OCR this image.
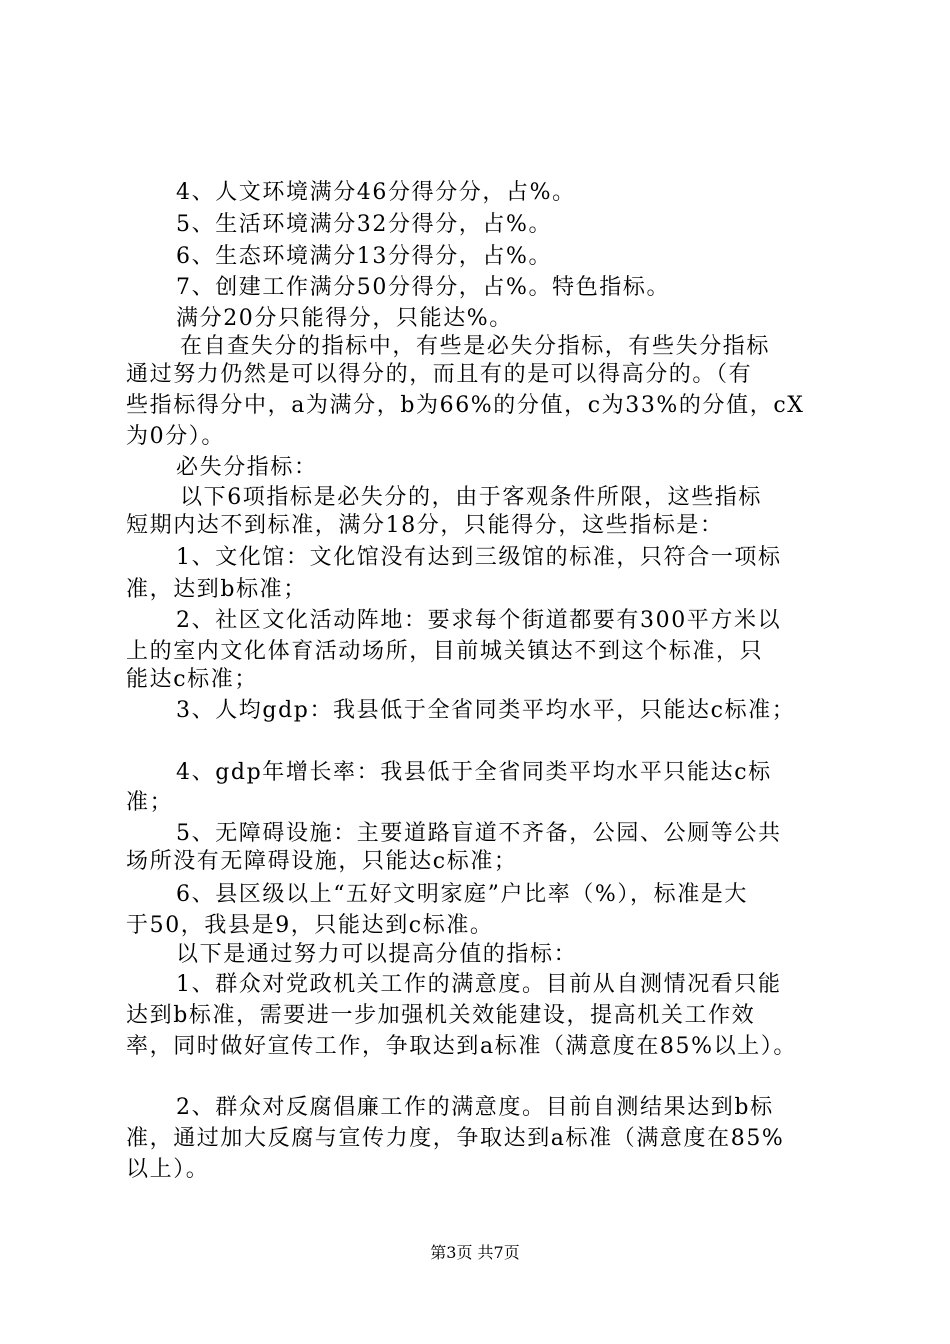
4、人文环境满分46分得分分，占%。
5、生活环境满分32分得分，占%。
6、生态环境满分13分得分，占%。
7、创建工作满分50分得分，占%。特色指标。
满分20分只能得分，只能达%。
在自查失分的指标中，有些是必失分指标，有些失分指标
通过努力仍然是可以得分的，而且有的是可以得高分的。（有
些指标得分中，a为满分，b为66%的分值，c为33%的分值，cX
为0分）。
必失分指标：
以下6项指标是必失分的，由于客观条件所限，这些指标
短期内达不到标准，满分18分，只能得分，这些指标是：
1、文化馆：文化馆没有达到三级馆的标准，只符合一项标
准，达到b标准；
2、社区文化活动阵地：要求每个街道都要有300平方米以
上的室内文化体育活动场所，目前城关镇达不到这个标准，只
能达c标准；
3、人均gdp：我县低于全省同类平均水平，只能达c标准；
4、gdp年增长率：我县低于全省同类平均水平只能达c标
准；
5、无障碍设施：主要道路盲道不齐备，公园、公厕等公共
场所没有无障碍设施，只能达c标准；
6、县区级以上“五好文明家庭”户比率（%），标准是大
于50，我县是9，只能达到c标准。
以下是通过努力可以提高分值的指标：
1、群众对党政机关工作的满意度。目前从自测情况看只能
达到b标准，需要进一步加强机关效能建设，提高机关工作效
率，同时做好宣传工作，争取达到a标准（满意度在85%以上）。
2、群众对反腐倡廉工作的满意度。目前自测结果达到b标
准，通过加大反腐与宣传力度，争取达到a标准（满意度在85%
以上）。
第3页 共7页
